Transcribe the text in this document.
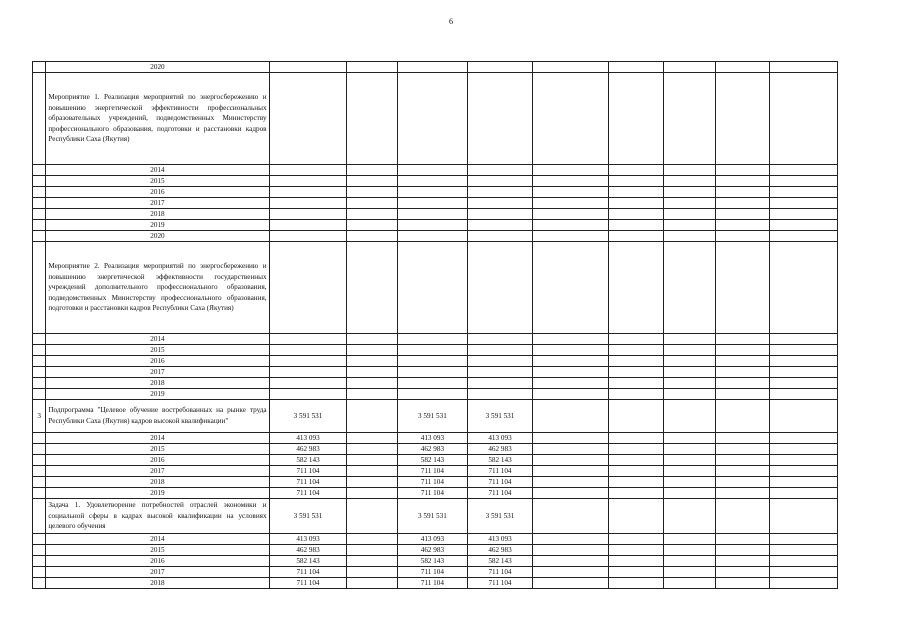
6
	2020									
	Мероприятие 1. Реализация мероприятий по энергосбережению и повышению энергетической эффективности профессиональных образовательных учреждений, подведомственных Министерству профессионального образования, подготовки и расстановки кадров Республики Саха (Якутия)									
	2014									
	2015									
	2016									
	2017									
	2018									
	2019									
	2020									
	Мероприятие 2. Реализация мероприятий по энергосбережению и повышению энергетической эффективности государственных учреждений дополнительного профессионального образования, подведомственных Министерству профессионального образования, подготовки и расстановки кадров Республики Саха (Якутия)									
	2014									
	2015									
	2016									
	2017									
	2018									
	2019									
3	Подпрограмма "Целевое обучение востребованных на рынке труда Республики Саха (Якутия) кадров высокой квалификации"	3 591 531		3 591 531	3 591 531					
	2014	413 093		413 093	413 093					
	2015	462 983		462 983	462 983					
	2016	582 143		582 143	582 143					
	2017	711 104		711 104	711 104					
	2018	711 104		711 104	711 104					
	2019	711 104		711 104	711 104					
	Задача 1. Удовлетворение потребностей отраслей экономики и социальной сферы в кадрах высокой квалификации на условиях целевого обучения	3 591 531		3 591 531	3 591 531					
	2014	413 093		413 093	413 093					
	2015	462 983		462 983	462 983					
	2016	582 143		582 143	582 143					
	2017	711 104		711 104	711 104					
	2018	711 104		711 104	711 104					
